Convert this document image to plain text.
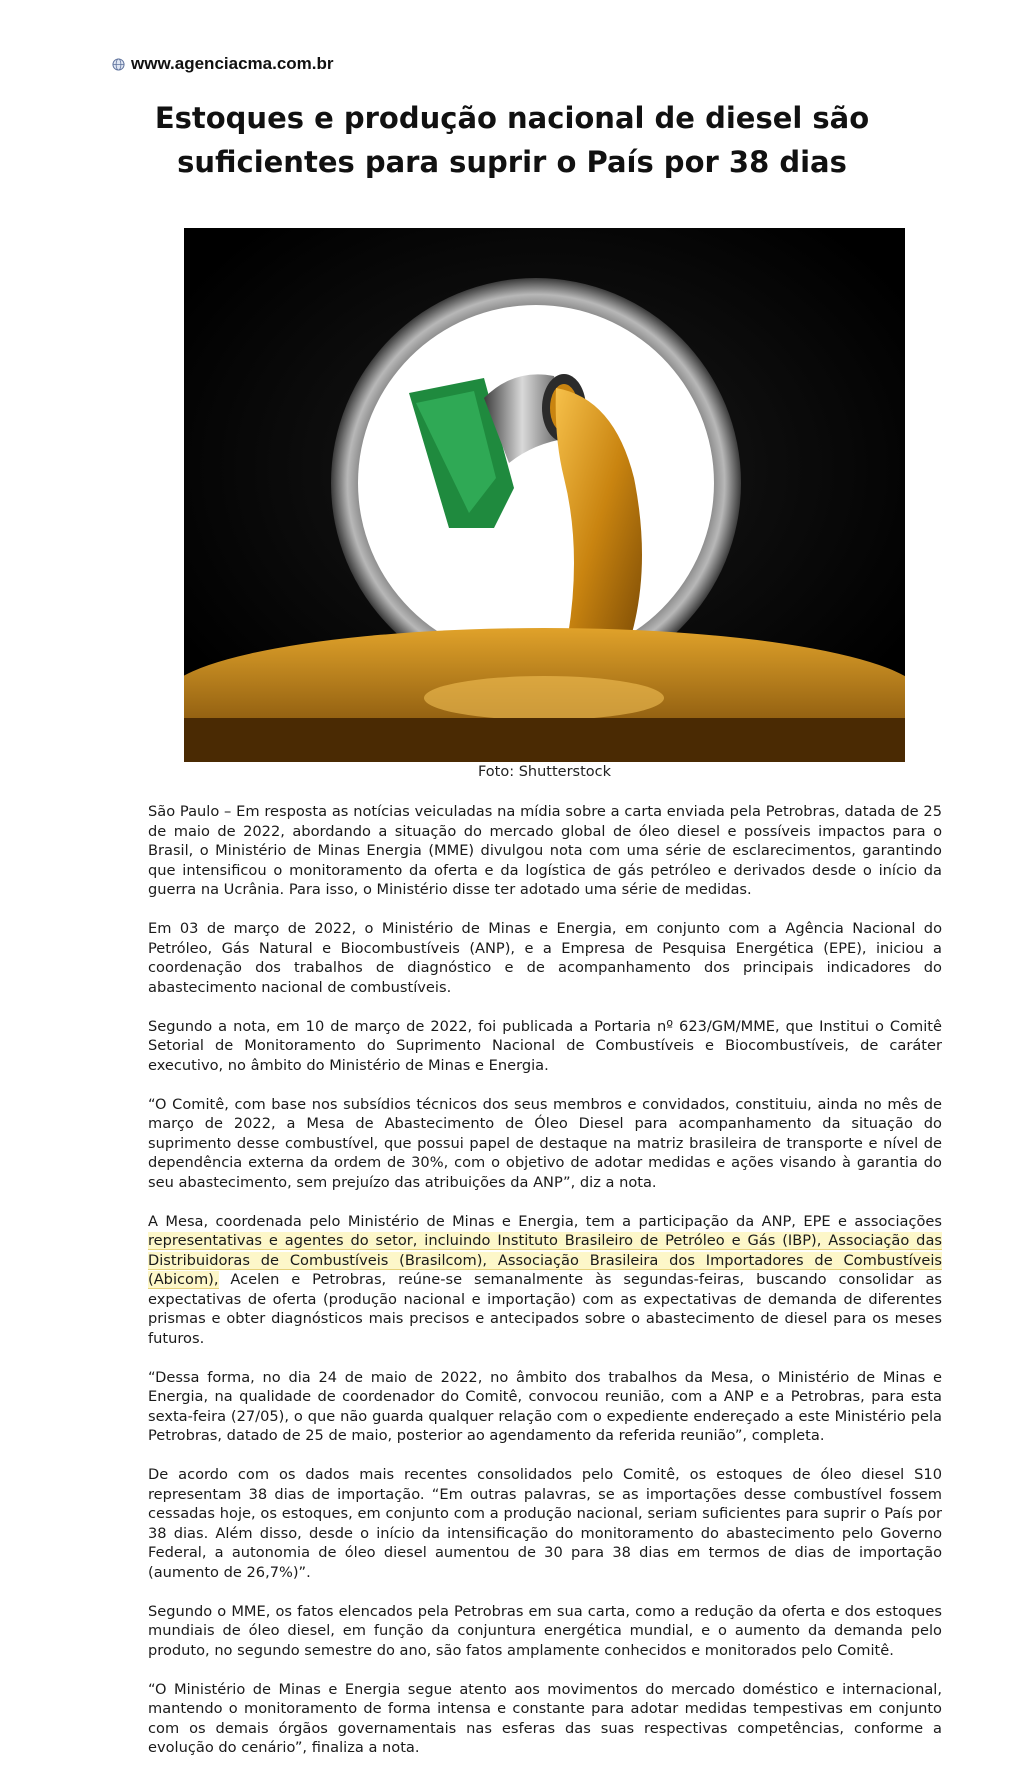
www.agenciacma.com.br
Estoques e produção nacional de diesel são suficientes para suprir o País por 38 dias
Foto: Shutterstock

São Paulo – Em resposta as notícias veiculadas na mídia sobre a carta enviada pela Petrobras, datada de 25 de maio de 2022, abordando a situação do mercado global de óleo diesel e possíveis impactos para o Brasil, o Ministério de Minas Energia (MME) divulgou nota com uma série de esclarecimentos, garantindo que intensificou o monitoramento da oferta e da logística de gás petróleo e derivados desde o início da guerra na Ucrânia. Para isso, o Ministério disse ter adotado uma série de medidas.

Em 03 de março de 2022, o Ministério de Minas e Energia, em conjunto com a Agência Nacional do Petróleo, Gás Natural e Biocombustíveis (ANP), e a Empresa de Pesquisa Energética (EPE), iniciou a coordenação dos trabalhos de diagnóstico e de acompanhamento dos principais indicadores do abastecimento nacional de combustíveis.

Segundo a nota, em 10 de março de 2022, foi publicada a Portaria nº 623/GM/MME, que Institui o Comitê Setorial de Monitoramento do Suprimento Nacional de Combustíveis e Biocombustíveis, de caráter executivo, no âmbito do Ministério de Minas e Energia.

“O Comitê, com base nos subsídios técnicos dos seus membros e convidados, constituiu, ainda no mês de março de 2022, a Mesa de Abastecimento de Óleo Diesel para acompanhamento da situação do suprimento desse combustível, que possui papel de destaque na matriz brasileira de transporte e nível de dependência externa da ordem de 30%, com o objetivo de adotar medidas e ações visando à garantia do seu abastecimento, sem prejuízo das atribuições da ANP”, diz a nota.

A Mesa, coordenada pelo Ministério de Minas e Energia, tem a participação da ANP, EPE e associações representativas e agentes do setor, incluindo Instituto Brasileiro de Petróleo e Gás (IBP), Associação das Distribuidoras de Combustíveis (Brasilcom), Associação Brasileira dos Importadores de Combustíveis (Abicom), Acelen e Petrobras, reúne-se semanalmente às segundas-feiras, buscando consolidar as expectativas de oferta (produção nacional e importação) com as expectativas de demanda de diferentes prismas e obter diagnósticos mais precisos e antecipados sobre o abastecimento de diesel para os meses futuros.

“Dessa forma, no dia 24 de maio de 2022, no âmbito dos trabalhos da Mesa, o Ministério de Minas e Energia, na qualidade de coordenador do Comitê, convocou reunião, com a ANP e a Petrobras, para esta sexta-feira (27/05), o que não guarda qualquer relação com o expediente endereçado a este Ministério pela Petrobras, datado de 25 de maio, posterior ao agendamento da referida reunião”, completa.

De acordo com os dados mais recentes consolidados pelo Comitê, os estoques de óleo diesel S10 representam 38 dias de importação. “Em outras palavras, se as importações desse combustível fossem cessadas hoje, os estoques, em conjunto com a produção nacional, seriam suficientes para suprir o País por 38 dias. Além disso, desde o início da intensificação do monitoramento do abastecimento pelo Governo Federal, a autonomia de óleo diesel aumentou de 30 para 38 dias em termos de dias de importação (aumento de 26,7%)”.

Segundo o MME, os fatos elencados pela Petrobras em sua carta, como a redução da oferta e dos estoques mundiais de óleo diesel, em função da conjuntura energética mundial, e o aumento da demanda pelo produto, no segundo semestre do ano, são fatos amplamente conhecidos e monitorados pelo Comitê.

“O Ministério de Minas e Energia segue atento aos movimentos do mercado doméstico e internacional, mantendo o monitoramento de forma intensa e constante para adotar medidas tempestivas em conjunto com os demais órgãos governamentais nas esferas das suas respectivas competências, conforme a evolução do cenário”, finaliza a nota.
